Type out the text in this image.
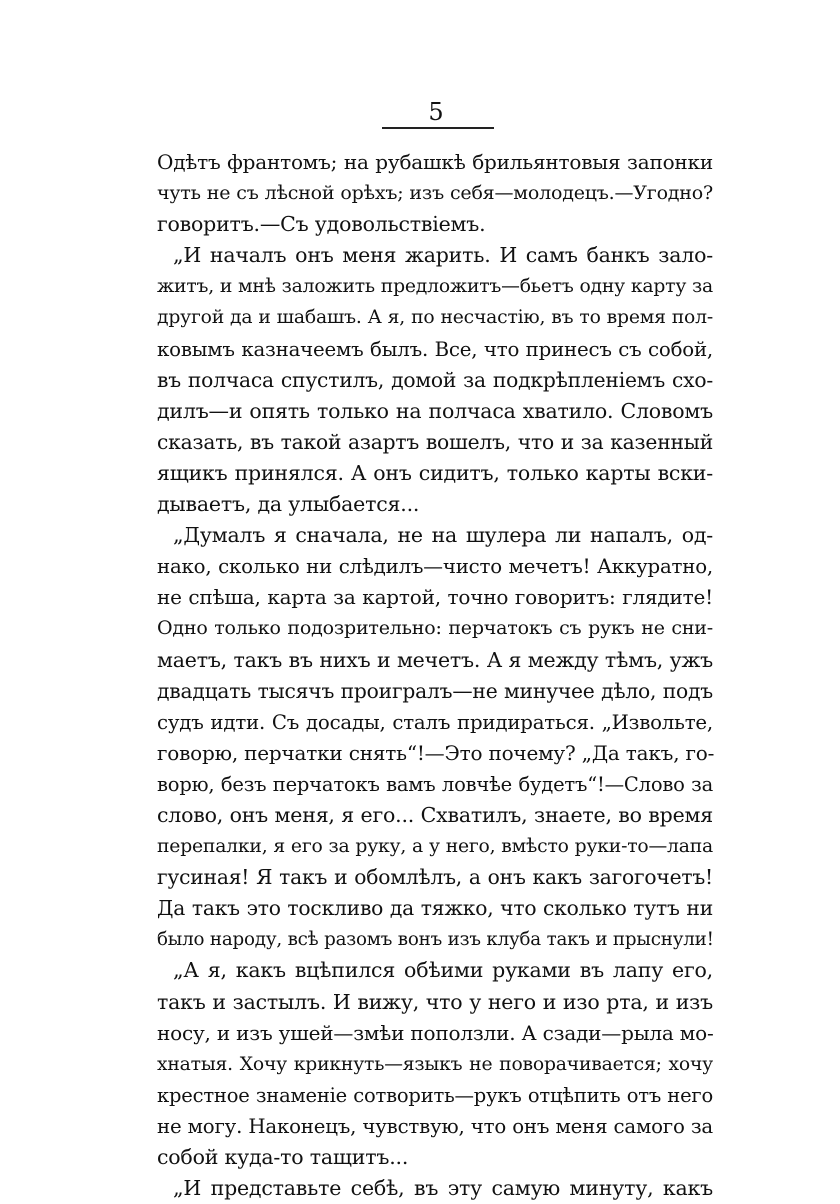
5
Одѣтъ франтомъ; на рубашкѣ брильянтовыя запонки
чуть не съ лѣсной орѣхъ; изъ себя—молодецъ.—Угодно?
говоритъ.—Съ удовольствіемъ.
„И началъ онъ меня жарить. И самъ банкъ зало-
житъ, и мнѣ заложить предложитъ—бьетъ одну карту за
другой да и шабашъ. А я, по несчастію, въ то время пол-
ковымъ казначеемъ былъ. Все, что принесъ съ собой,
въ полчаса спустилъ, домой за подкрѣпленіемъ схо-
дилъ—и опять только на полчаса хватило. Словомъ
сказать, въ такой азартъ вошелъ, что и за казенный
ящикъ принялся. А онъ сидитъ, только карты вски-
дываетъ, да улыбается...
„Думалъ я сначала, не на шулера ли напалъ, од-
нако, сколько ни слѣдилъ—чисто мечетъ! Аккуратно,
не спѣша, карта за картой, точно говоритъ: глядите!
Одно только подозрительно: перчатокъ съ рукъ не сни-
маетъ, такъ въ нихъ и мечетъ. А я между тѣмъ, ужъ
двадцать тысячъ проигралъ—не минучее дѣло, подъ
судъ идти. Съ досады, сталъ придираться. „Извольте,
говорю, перчатки снять“!—Это почему? „Да такъ, го-
ворю, безъ перчатокъ вамъ ловчѣе будетъ“!—Слово за
слово, онъ меня, я его... Схватилъ, знаете, во время
перепалки, я его за руку, а у него, вмѣсто руки-то—лапа
гусиная! Я такъ и обомлѣлъ, а онъ какъ загогочетъ!
Да такъ это тоскливо да тяжко, что сколько тутъ ни
было народу, всѣ разомъ вонъ изъ клуба такъ и прыснули!
„А я, какъ вцѣпился обѣими руками въ лапу его,
такъ и застылъ. И вижу, что у него и изо рта, и изъ
носу, и изъ ушей—змѣи поползли. А сзади—рыла мо-
хнатыя. Хочу крикнуть—языкъ не поворачивается; хочу
крестное знаменіе сотворить—рукъ отцѣпить отъ него
не могу. Наконецъ, чувствую, что онъ меня самого за
собой куда-то тащитъ...
„И представьте себѣ, въ эту самую минуту, какъ
